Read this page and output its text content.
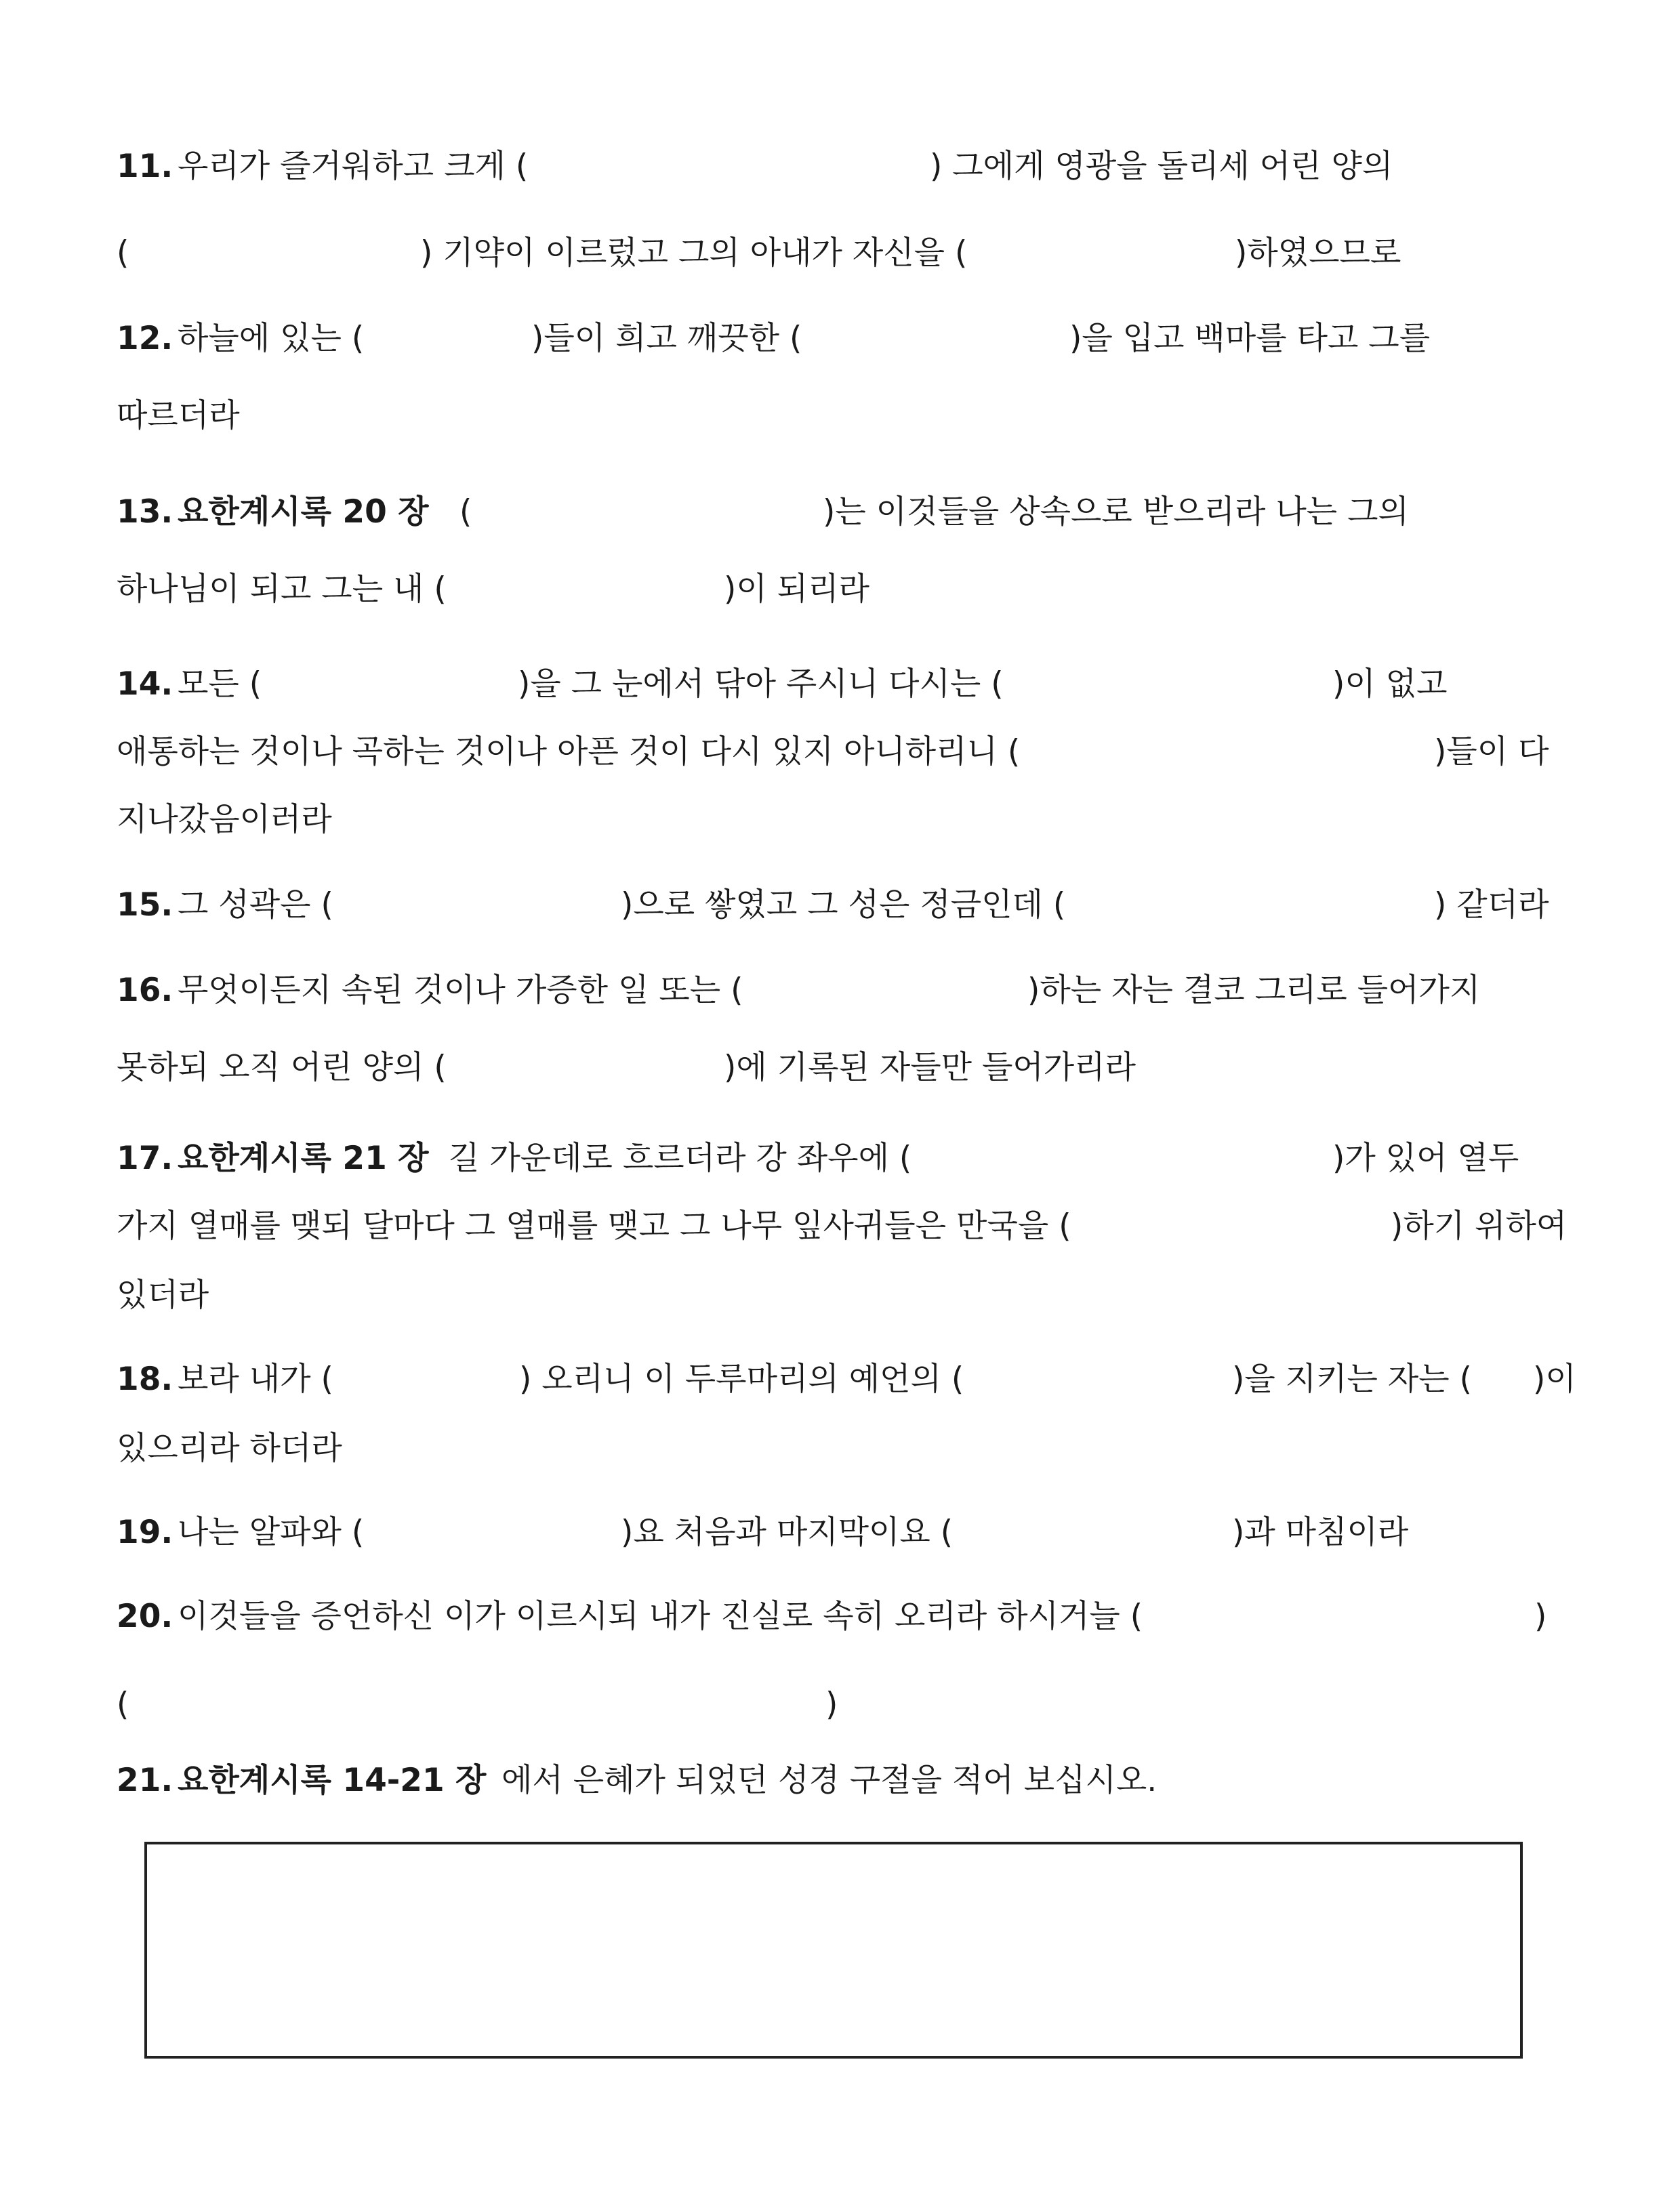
11. 우리가 즐거워하고 크게 (	) 그에게 영광을 돌리세 어린 양의
(	) 기약이 이르렀고 그의 아내가 자신을 (	)하였으므로
12. 하늘에 있는 (	)들이 희고 깨끗한 (	)을 입고 백마를 타고 그를
따르더라
13. 요한계시록 20 장 (	)는 이것들을 상속으로 받으리라 나는 그의
하나님이 되고 그는 내 (	)이 되리라
14. 모든 (	)을 그 눈에서 닦아 주시니 다시는 (	)이 없고
애통하는 것이나 곡하는 것이나 아픈 것이 다시 있지 아니하리니 (	)들이 다
지나갔음이러라
15. 그 성곽은 (	)으로 쌓였고 그 성은 정금인데 (	) 같더라
16. 무엇이든지 속된 것이나 가증한 일 또는 (	)하는 자는 결코 그리로 들어가지
못하되 오직 어린 양의 (	)에 기록된 자들만 들어가리라
17. 요한계시록 21 장 길 가운데로 흐르더라 강 좌우에 (	)가 있어 열두
가지 열매를 맺되 달마다 그 열매를 맺고 그 나무 잎사귀들은 만국을 (	)하기 위하여
있더라
18. 보라 내가 (	) 오리니 이 두루마리의 예언의 (	)을 지키는 자는 ( )이
있으리라 하더라
19. 나는 알파와 (	)요 처음과 마지막이요 (	)과 마침이라
20. 이것들을 증언하신 이가 이르시되 내가 진실로 속히 오리라 하시거늘 (	)
(	)
21. 요한계시록 14-21 장 에서 은혜가 되었던 성경 구절을 적어 보십시오.
